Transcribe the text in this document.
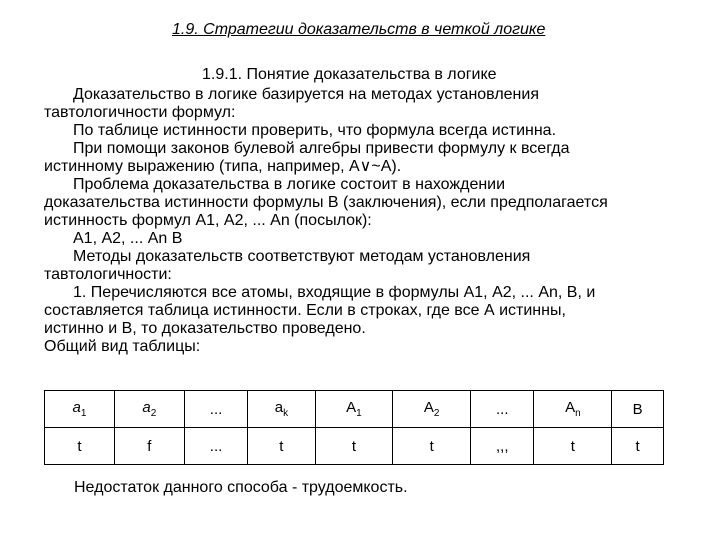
1.9. Стратегии доказательств в четкой логике
1.9.1. Понятие доказательства в логике

Доказательство в логике базируется на методах установления
тавтологичности формул:

По таблице истинности проверить, что формула всегда истинна.

При помощи законов булевой алгебры привести формулу к всегда
истинному выражению (типа, например, A∨~A).

Проблема доказательства в логике состоит в нахождении
доказательства истинности формулы В (заключения), если предполагается
истинность формул А1, А2, ... An (посылок):

А1, А2, ... An В

Методы доказательств соответствуют методам установления
тавтологичности:

1. Перечисляются все атомы, входящие в формулы А1, А2, ... An, В, и
составляется таблица истинности. Если в строках, где все А истинны,
истинно и В, то доказательство проведено.

Общий вид таблицы:

$a_1$	$a_2$	...	$a_k$	$A_1$	$A_2$	...	$A_n$	B
t	f	...	t	t	t	,,,	t	t
Недостаток данного способа - трудоемкость.
